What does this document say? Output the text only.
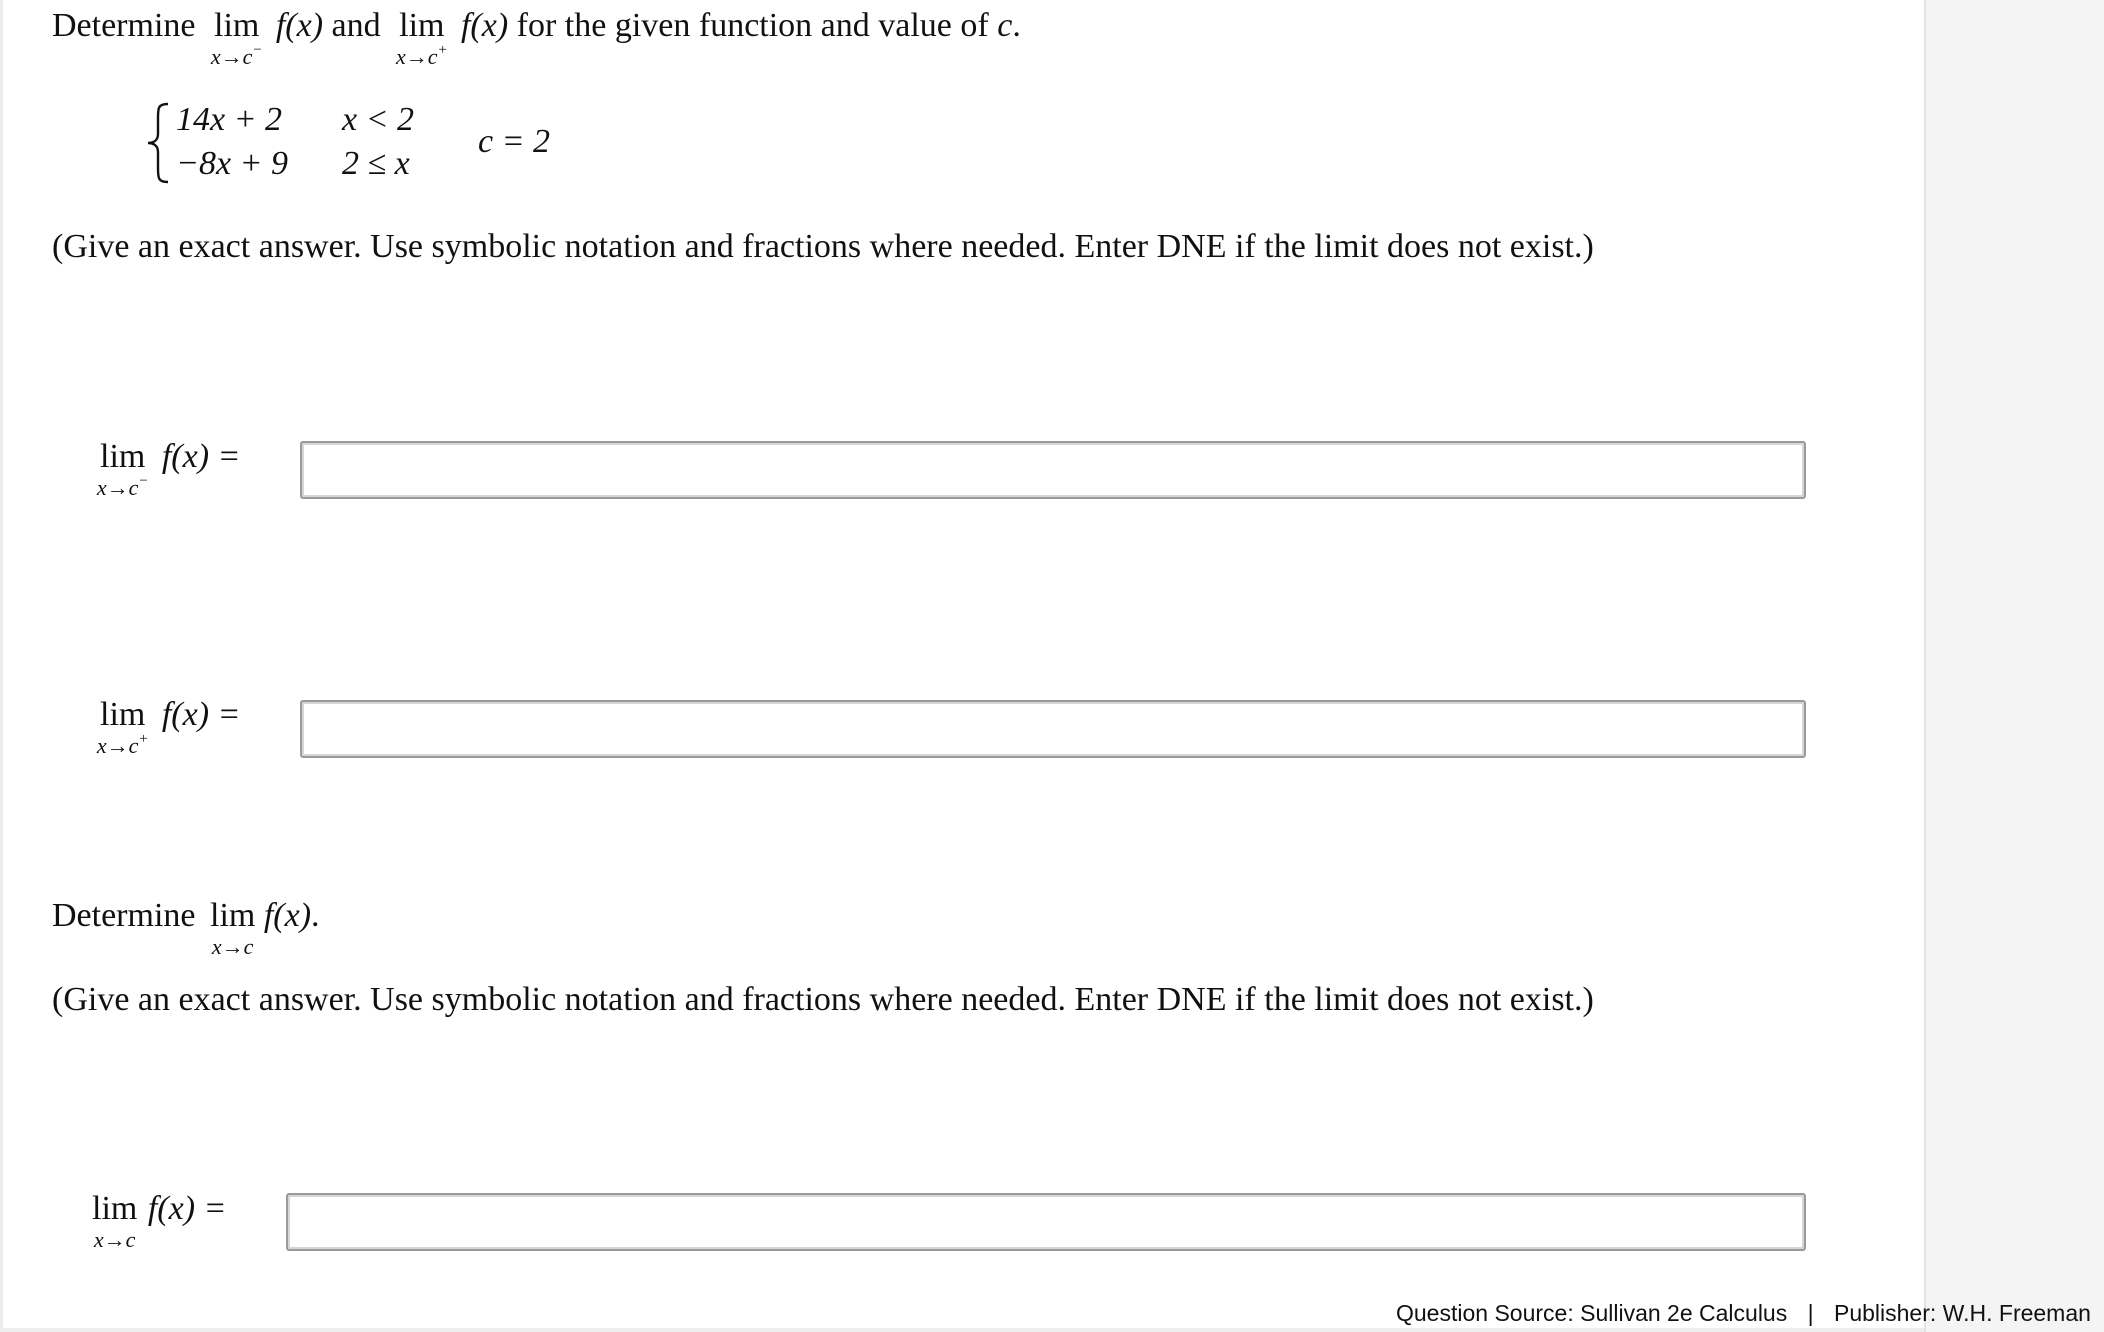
Determine lim
x→c−
f(x) and lim
x→c+
f(x) for the given function and value of c.
14x + 2 x < 2
−8x + 9 2 ≤ x
c = 2
(Give an exact answer. Use symbolic notation and fractions where needed. Enter DNE if the limit does not exist.)
lim
x→c−
f(x) =
lim
x→c+
f(x) =
Determine lim
x→c
f(x).
(Give an exact answer. Use symbolic notation and fractions where needed. Enter DNE if the limit does not exist.)
lim
x→c
f(x) =
Question Source: Sullivan 2e Calculus | Publisher: W.H. Freeman
